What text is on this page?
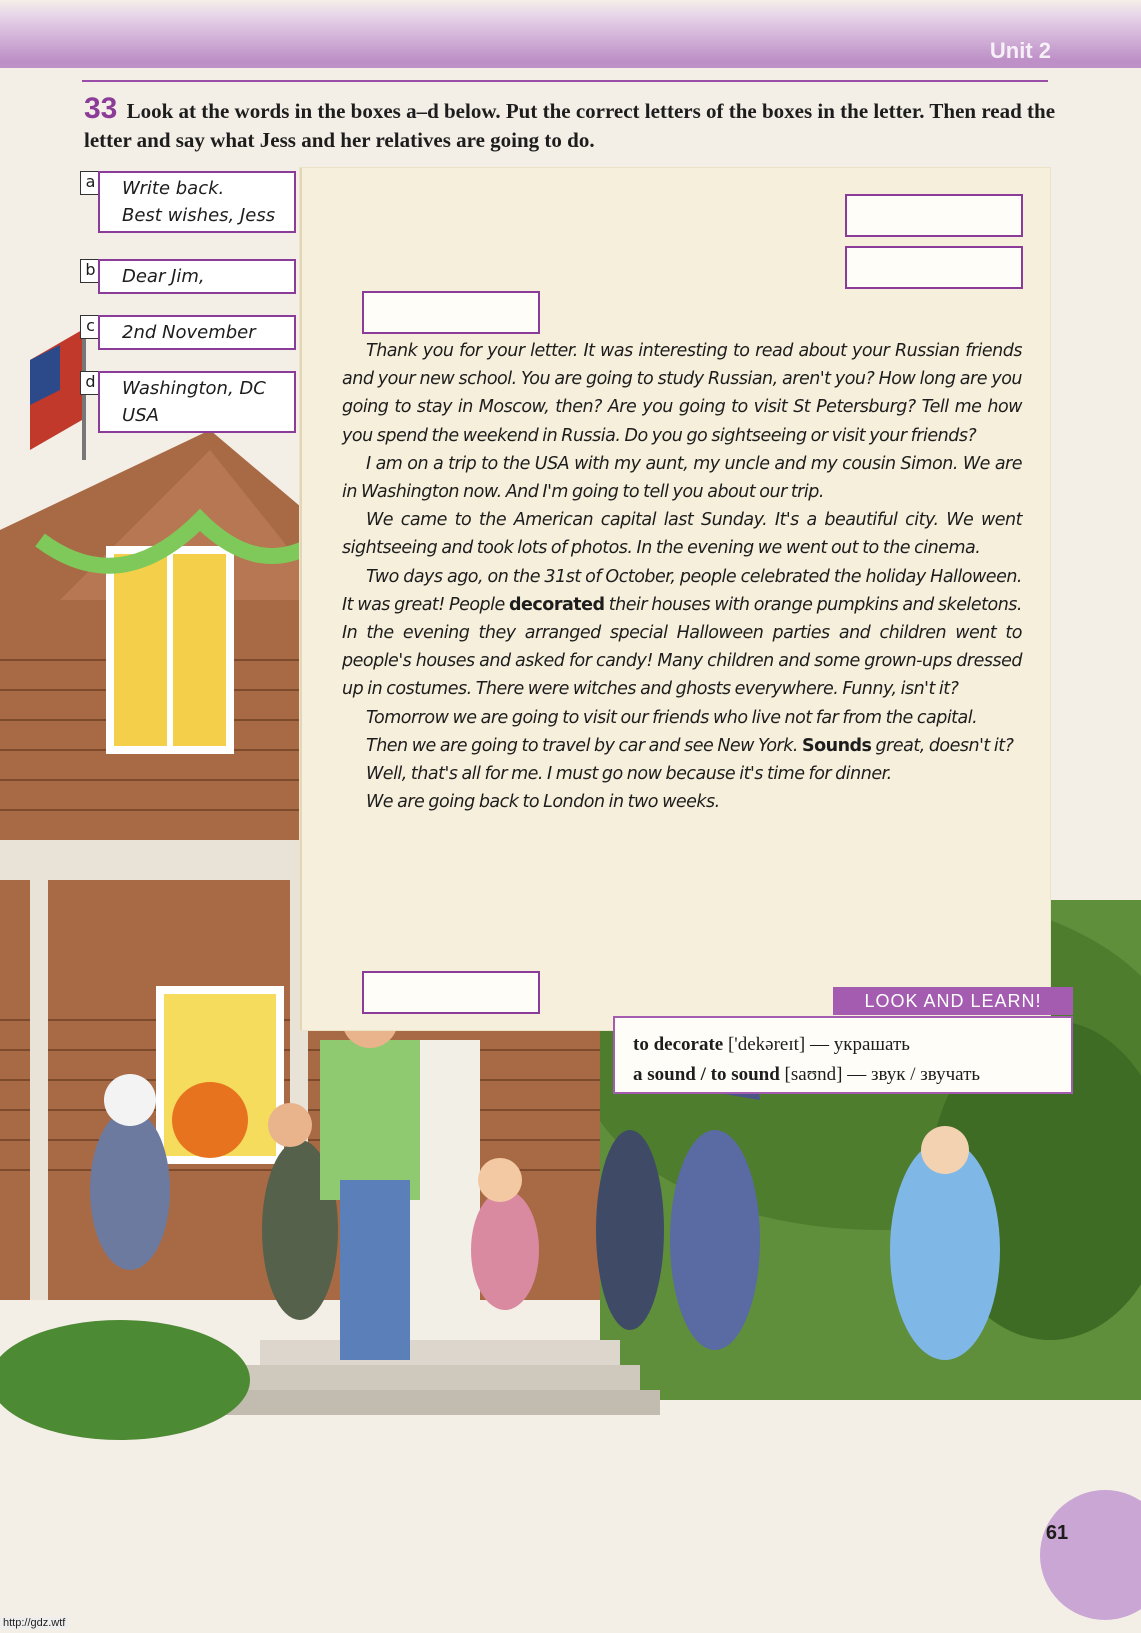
Unit 2
33 Look at the words in the boxes a–d below. Put the correct letters of the boxes in the letter. Then read the letter and say what Jess and her relatives are going to do.

Thank you for your letter. It was interesting to read about your Russian friends and your new school. You are going to study Russian, aren't you? How long are you going to stay in Moscow, then? Are you going to visit St Petersburg? Tell me how you spend the weekend in Russia. Do you go sightseeing or visit your friends?

I am on a trip to the USA with my aunt, my uncle and my cousin Simon. We are in Washington now. And I'm going to tell you about our trip.

We came to the American capital last Sunday. It's a beautiful city. We went sightseeing and took lots of photos. In the evening we went out to the cinema.

Two days ago, on the 31st of October, people celebrated the holiday Halloween. It was great! People decorated their houses with orange pumpkins and skeletons. In the evening they arranged special Halloween parties and children went to people's houses and asked for candy! Many children and some grown-ups dressed up in costumes. There were witches and ghosts everywhere. Funny, isn't it?

Tomorrow we are going to visit our friends who live not far from the capital.

Then we are going to travel by car and see New York. Sounds great, doesn't it?

Well, that's all for me. I must go now because it's time for dinner.

We are going back to London in two weeks.

a	Write back.
Best wishes, Jess
b	Dear Jim,
c	2nd November
d	Washington, DC
USA
LOOK AND LEARN!
to decorate ['dekəreɪt] — украшать
a sound / to sound [saʊnd] — звук / звучать
61
http://gdz.wtf
